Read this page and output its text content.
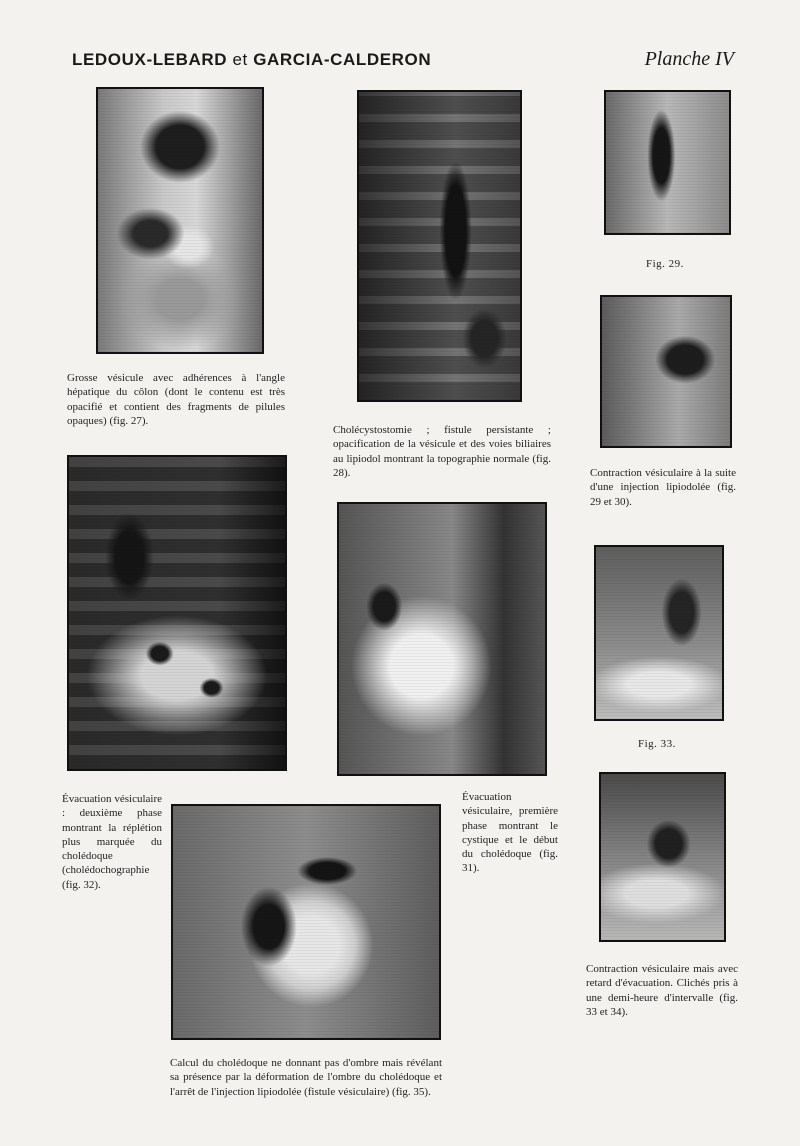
LEDOUX-LEBARD et GARCIA-CALDERON	Planche IV

Grosse vésicule avec adhérences à l'angle hépatique du côlon (dont le contenu est très opacifié et contient des fragments de pilules opaques) (fig. 27).

Cholécystostomie ; fistule persistante ; opacification de la vésicule et des voies biliaires au lipiodol montrant la topographie normale (fig. 28).

Fig. 29.

Contraction vésiculaire à la suite d'une injection lipiodolée (fig. 29 et 30).

Fig. 33.

Évacuation vésiculaire : deuxième phase montrant la réplétion plus marquée du cholédoque (cholédochographie (fig. 32).

Évacuation vésiculaire, première phase montrant le cystique et le début du cholédoque (fig. 31).

Contraction vésiculaire mais avec retard d'évacuation. Clichés pris à une demi-heure d'intervalle (fig. 33 et 34).

Calcul du cholédoque ne donnant pas d'ombre mais révélant sa présence par la déformation de l'ombre du cholédoque et l'arrêt de l'injection lipiodolée (fistule vésiculaire) (fig. 35).
